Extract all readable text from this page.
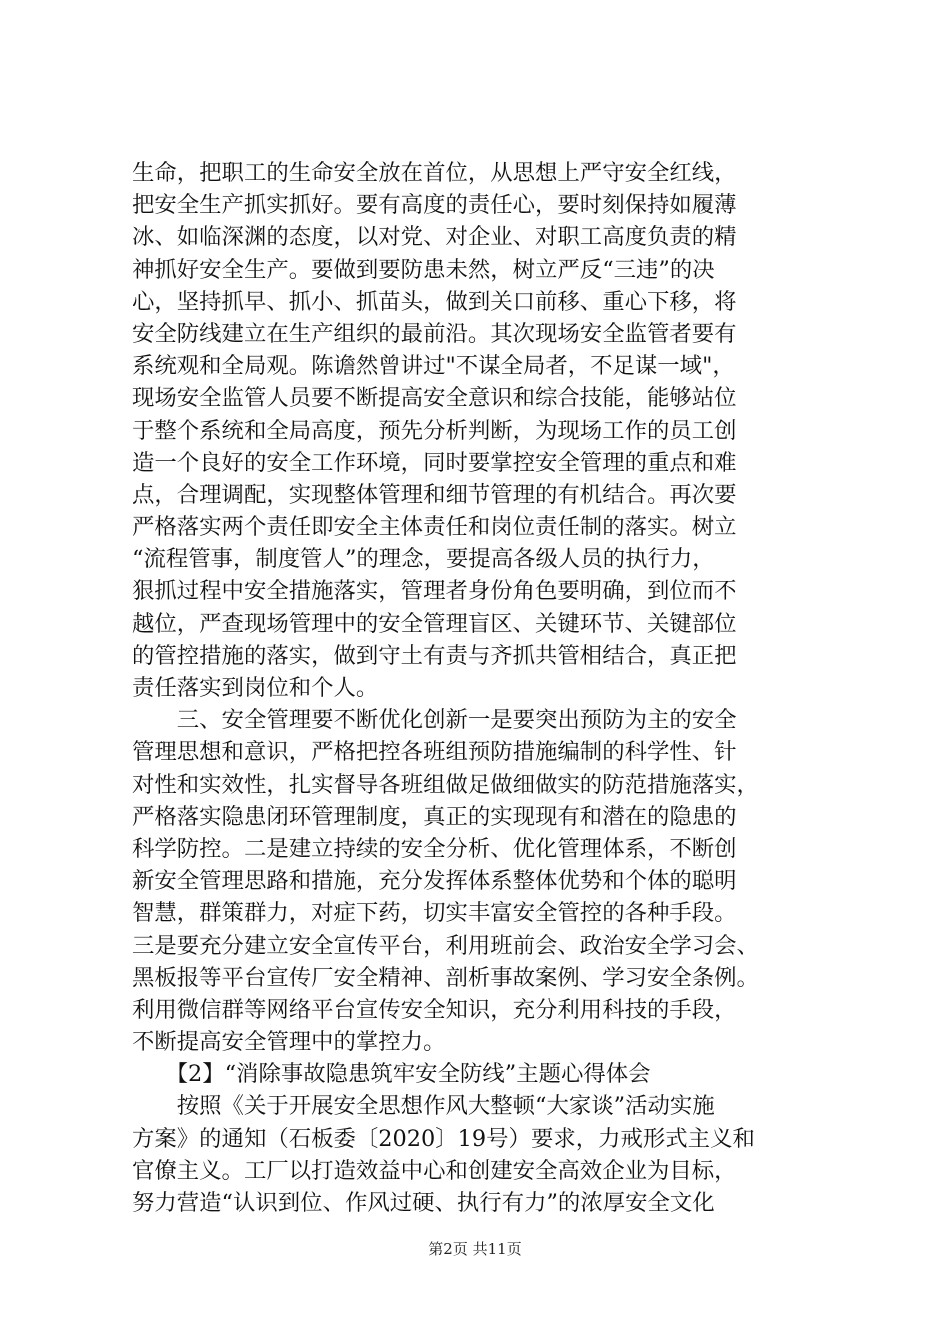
生命，把职工的生命安全放在首位，从思想上严守安全红线，
把安全生产抓实抓好。要有高度的责任心，要时刻保持如履薄
冰、如临深渊的态度，以对党、对企业、对职工高度负责的精
神抓好安全生产。要做到要防患未然，树立严反“三违”的决
心，坚持抓早、抓小、抓苗头，做到关口前移、重心下移，将
安全防线建立在生产组织的最前沿。其次现场安全监管者要有
系统观和全局观。陈谵然曾讲过"不谋全局者，不足谋一域"，
现场安全监管人员要不断提高安全意识和综合技能，能够站位
于整个系统和全局高度，预先分析判断，为现场工作的员工创
造一个良好的安全工作环境，同时要掌控安全管理的重点和难
点，合理调配，实现整体管理和细节管理的有机结合。再次要
严格落实两个责任即安全主体责任和岗位责任制的落实。树立
“流程管事，制度管人”的理念，要提高各级人员的执行力，
狠抓过程中安全措施落实，管理者身份角色要明确，到位而不
越位，严查现场管理中的安全管理盲区、关键环节、关键部位
的管控措施的落实，做到守土有责与齐抓共管相结合，真正把
责任落实到岗位和个人。
　　三、安全管理要不断优化创新一是要突出预防为主的安全
管理思想和意识，严格把控各班组预防措施编制的科学性、针
对性和实效性，扎实督导各班组做足做细做实的防范措施落实，
严格落实隐患闭环管理制度，真正的实现现有和潜在的隐患的
科学防控。二是建立持续的安全分析、优化管理体系，不断创
新安全管理思路和措施，充分发挥体系整体优势和个体的聪明
智慧，群策群力，对症下药，切实丰富安全管控的各种手段。
三是要充分建立安全宣传平台，利用班前会、政治安全学习会、
黑板报等平台宣传厂安全精神、剖析事故案例、学习安全条例。
利用微信群等网络平台宣传安全知识，充分利用科技的手段，
不断提高安全管理中的掌控力。
　　【2】“消除事故隐患筑牢安全防线”主题心得体会
　　按照《关于开展安全思想作风大整顿“大家谈”活动实施
方案》的通知（石板委〔2020〕19号）要求，力戒形式主义和
官僚主义。工厂以打造效益中心和创建安全高效企业为目标，
努力营造“认识到位、作风过硬、执行有力”的浓厚安全文化
第2页 共11页
